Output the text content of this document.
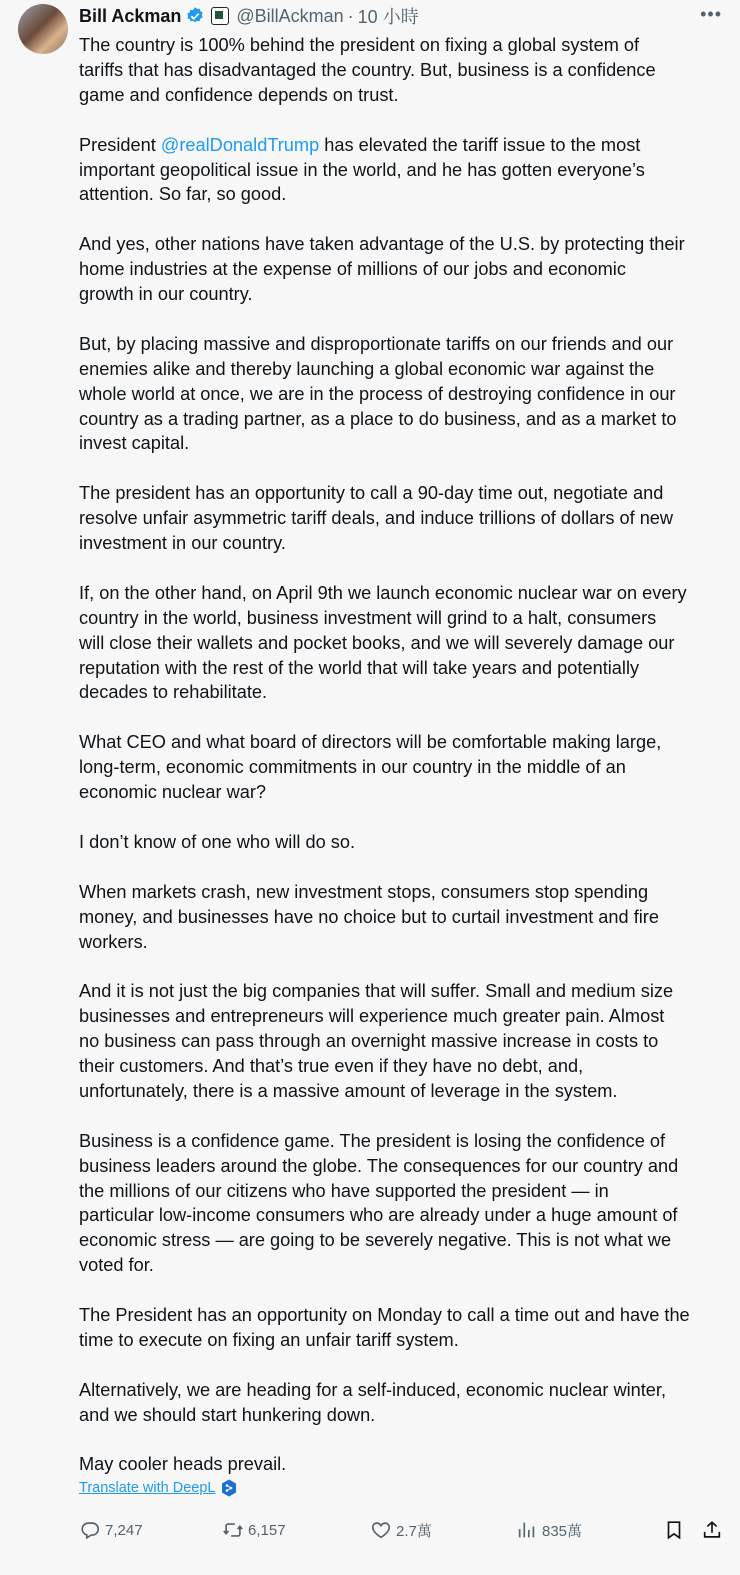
Bill Ackman	@BillAckman · 10 小時	•••

The country is 100% behind the president on fixing a global system of
tariffs that has disadvantaged the country. But, business is a confidence
game and confidence depends on trust.

President @realDonaldTrump has elevated the tariff issue to the most
important geopolitical issue in the world, and he has gotten everyone’s
attention. So far, so good.

And yes, other nations have taken advantage of the U.S. by protecting their
home industries at the expense of millions of our jobs and economic
growth in our country.

But, by placing massive and disproportionate tariffs on our friends and our
enemies alike and thereby launching a global economic war against the
whole world at once, we are in the process of destroying confidence in our
country as a trading partner, as a place to do business, and as a market to
invest capital.

The president has an opportunity to call a 90-day time out, negotiate and
resolve unfair asymmetric tariff deals, and induce trillions of dollars of new
investment in our country.

If, on the other hand, on April 9th we launch economic nuclear war on every
country in the world, business investment will grind to a halt, consumers
will close their wallets and pocket books, and we will severely damage our
reputation with the rest of the world that will take years and potentially
decades to rehabilitate.

What CEO and what board of directors will be comfortable making large,
long-term, economic commitments in our country in the middle of an
economic nuclear war?

I don’t know of one who will do so.

When markets crash, new investment stops, consumers stop spending
money, and businesses have no choice but to curtail investment and fire
workers.

And it is not just the big companies that will suffer. Small and medium size
businesses and entrepreneurs will experience much greater pain. Almost
no business can pass through an overnight massive increase in costs to
their customers. And that’s true even if they have no debt, and,
unfortunately, there is a massive amount of leverage in the system.

Business is a confidence game. The president is losing the confidence of
business leaders around the globe. The consequences for our country and
the millions of our citizens who have supported the president — in
particular low-income consumers who are already under a huge amount of
economic stress — are going to be severely negative. This is not what we
voted for.

The President has an opportunity on Monday to call a time out and have the
time to execute on fixing an unfair tariff system.

Alternatively, we are heading for a self-induced, economic nuclear winter,
and we should start hunkering down.

May cooler heads prevail.

Translate with DeepL
7,247	6,157	2.7萬	835萬
